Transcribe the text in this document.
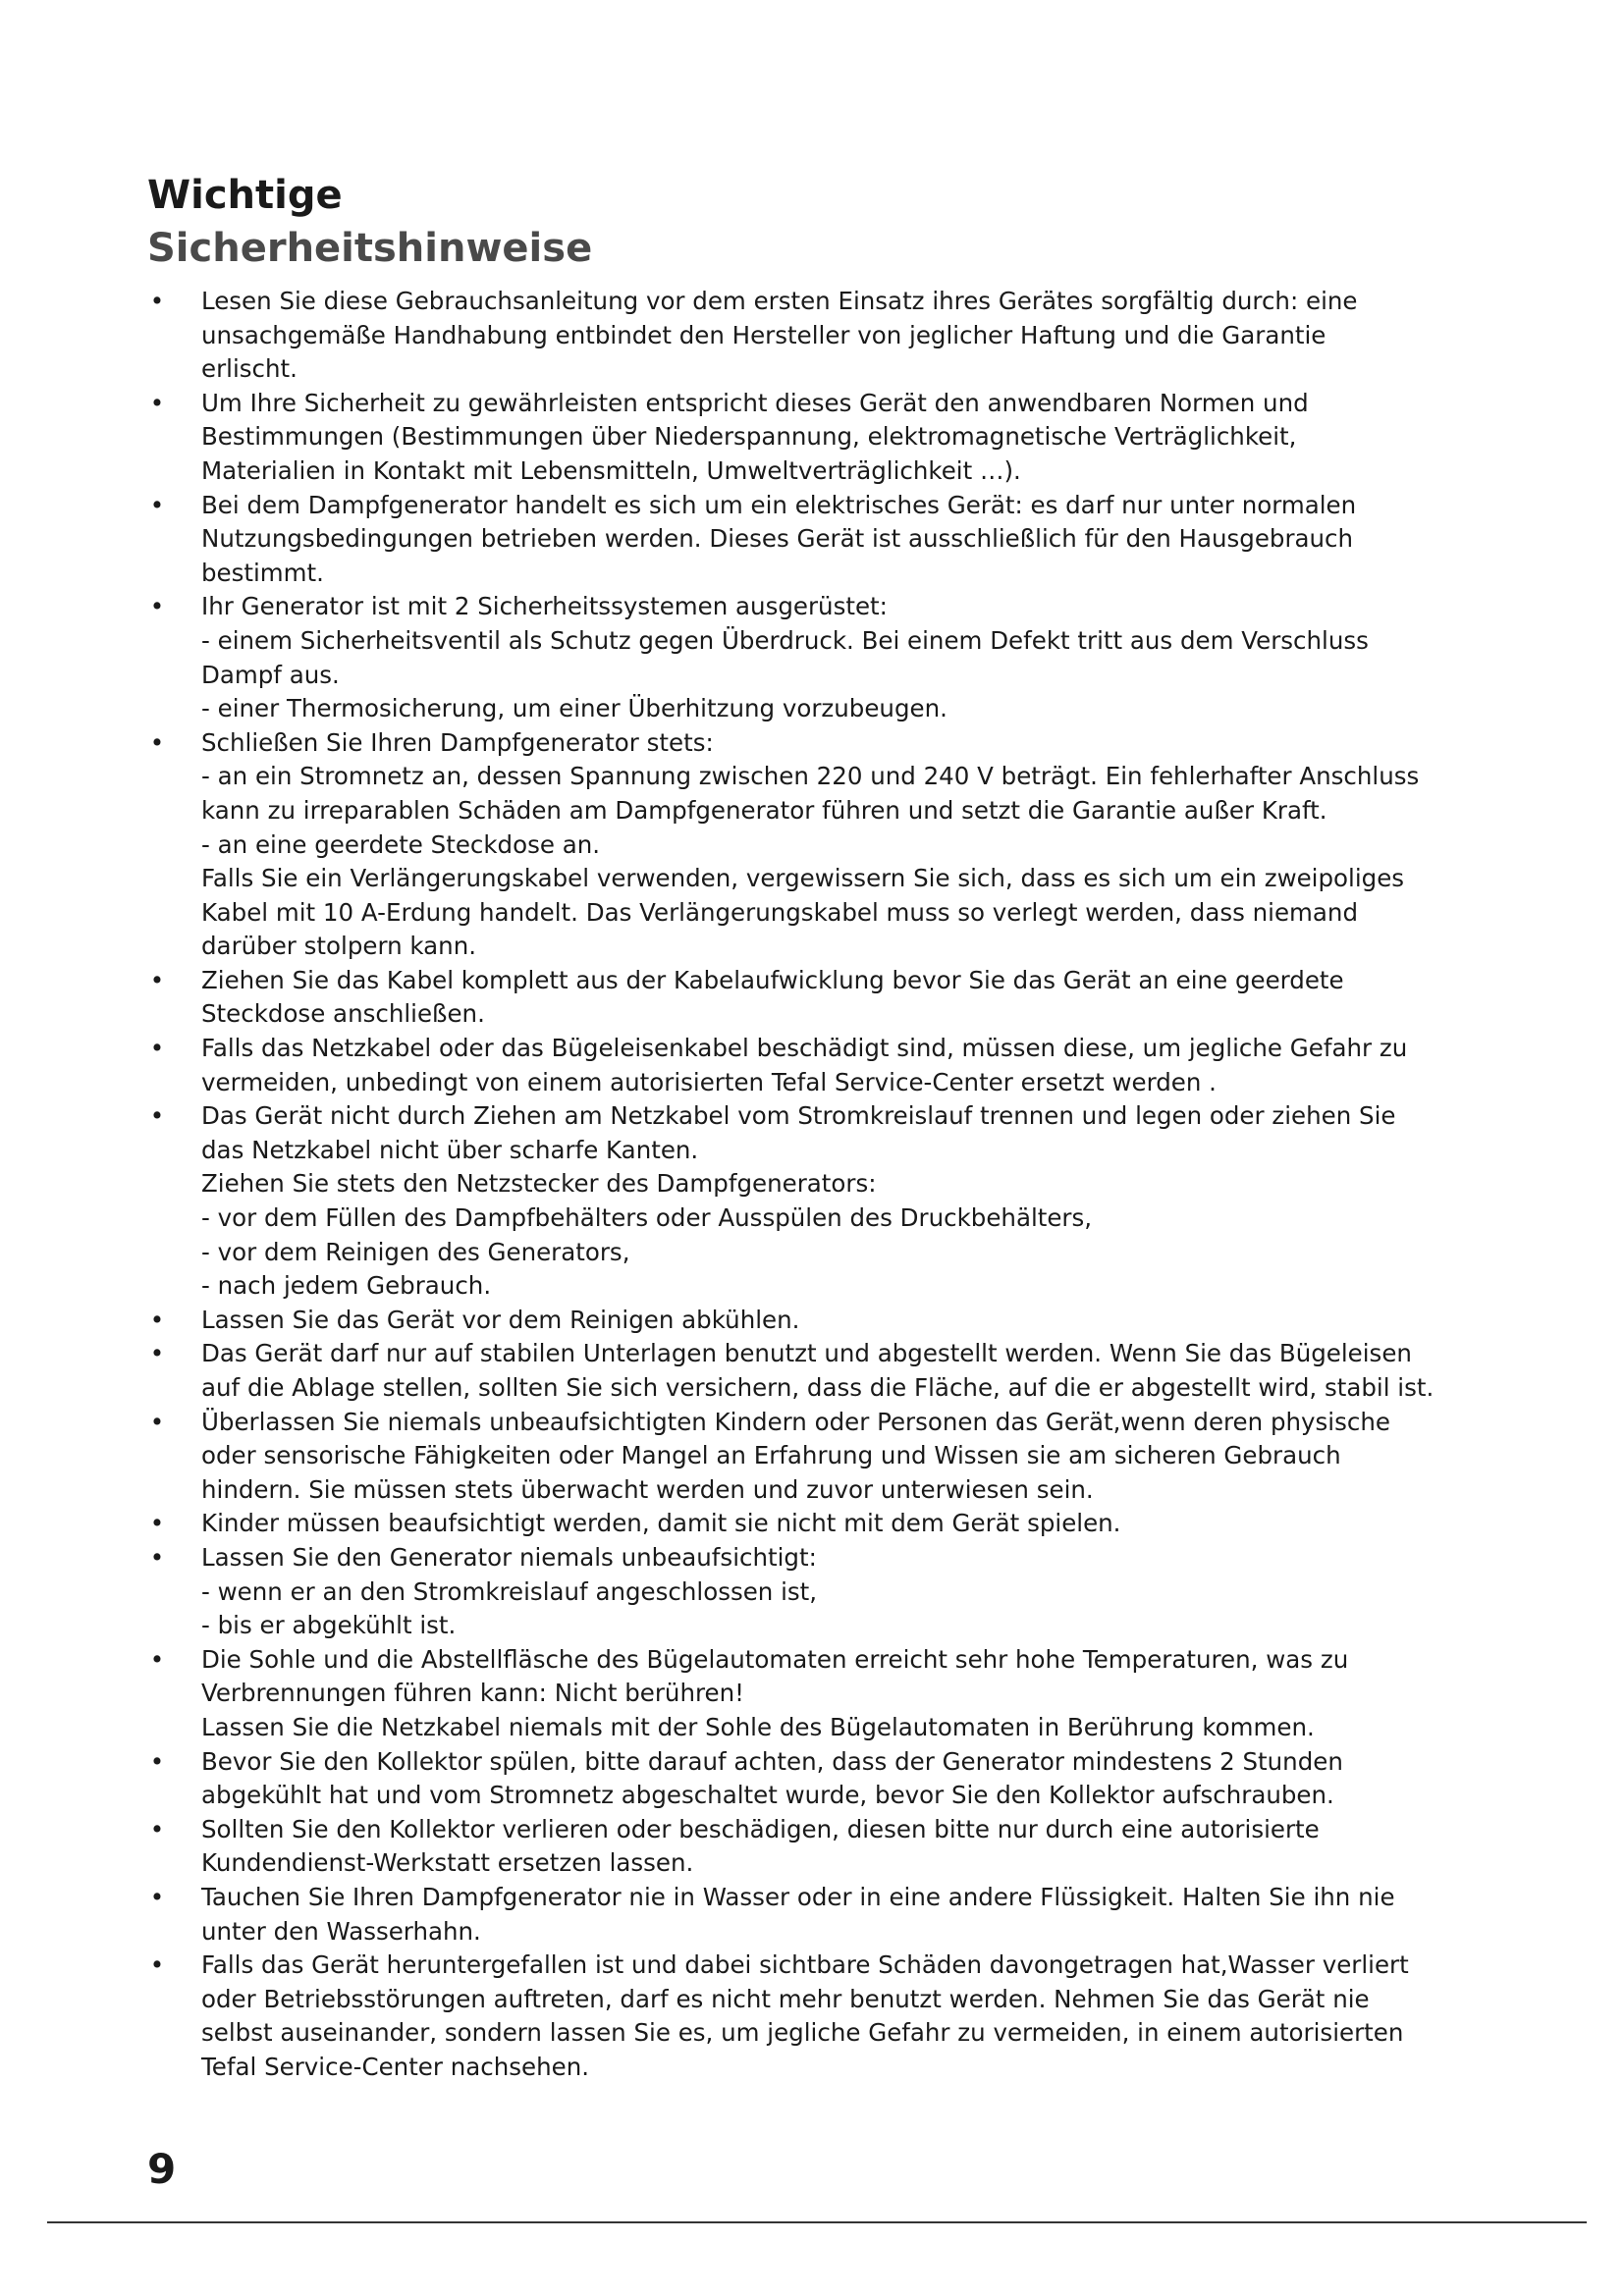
Wichtige
Sicherheitshinweise
• Lesen Sie diese Gebrauchsanleitung vor dem ersten Einsatz ihres Gerätes sorgfältig durch: eine

unsachgemäße Handhabung entbindet den Hersteller von jeglicher Haftung und die Garantie

erlischt.

• Um Ihre Sicherheit zu gewährleisten entspricht dieses Gerät den anwendbaren Normen und

Bestimmungen (Bestimmungen über Niederspannung, elektromagnetische Verträglichkeit,

Materialien in Kontakt mit Lebensmitteln, Umweltverträglichkeit …).

• Bei dem Dampfgenerator handelt es sich um ein elektrisches Gerät: es darf nur unter normalen

Nutzungsbedingungen betrieben werden. Dieses Gerät ist ausschließlich für den Hausgebrauch

bestimmt.

• Ihr Generator ist mit 2 Sicherheitssystemen ausgerüstet:

- einem Sicherheitsventil als Schutz gegen Überdruck. Bei einem Defekt tritt aus dem Verschluss

Dampf aus.

- einer Thermosicherung, um einer Überhitzung vorzubeugen.

• Schließen Sie Ihren Dampfgenerator stets:

- an ein Stromnetz an, dessen Spannung zwischen 220 und 240 V beträgt. Ein fehlerhafter Anschluss

kann zu irreparablen Schäden am Dampfgenerator führen und setzt die Garantie außer Kraft.

- an eine geerdete Steckdose an.

Falls Sie ein Verlängerungskabel verwenden, vergewissern Sie sich, dass es sich um ein zweipoliges

Kabel mit 10 A-Erdung handelt. Das Verlängerungskabel muss so verlegt werden, dass niemand

darüber stolpern kann.

• Ziehen Sie das Kabel komplett aus der Kabelaufwicklung bevor Sie das Gerät an eine geerdete

Steckdose anschließen.

• Falls das Netzkabel oder das Bügeleisenkabel beschädigt sind, müssen diese, um jegliche Gefahr zu

vermeiden, unbedingt von einem autorisierten Tefal Service-Center ersetzt werden .

• Das Gerät nicht durch Ziehen am Netzkabel vom Stromkreislauf trennen und legen oder ziehen Sie

das Netzkabel nicht über scharfe Kanten.

Ziehen Sie stets den Netzstecker des Dampfgenerators:

- vor dem Füllen des Dampfbehälters oder Ausspülen des Druckbehälters,

- vor dem Reinigen des Generators,

- nach jedem Gebrauch.

• Lassen Sie das Gerät vor dem Reinigen abkühlen.

• Das Gerät darf nur auf stabilen Unterlagen benutzt und abgestellt werden. Wenn Sie das Bügeleisen

auf die Ablage stellen, sollten Sie sich versichern, dass die Fläche, auf die er abgestellt wird, stabil ist.

• Überlassen Sie niemals unbeaufsichtigten Kindern oder Personen das Gerät,wenn deren physische

oder sensorische Fähigkeiten oder Mangel an Erfahrung und Wissen sie am sicheren Gebrauch

hindern. Sie müssen stets überwacht werden und zuvor unterwiesen sein.

• Kinder müssen beaufsichtigt werden, damit sie nicht mit dem Gerät spielen.

• Lassen Sie den Generator niemals unbeaufsichtigt:

- wenn er an den Stromkreislauf angeschlossen ist,

- bis er abgekühlt ist.

• Die Sohle und die Abstellfläsche des Bügelautomaten erreicht sehr hohe Temperaturen, was zu

Verbrennungen führen kann: Nicht berühren!

Lassen Sie die Netzkabel niemals mit der Sohle des Bügelautomaten in Berührung kommen.

• Bevor Sie den Kollektor spülen, bitte darauf achten, dass der Generator mindestens 2 Stunden

abgekühlt hat und vom Stromnetz abgeschaltet wurde, bevor Sie den Kollektor aufschrauben.

• Sollten Sie den Kollektor verlieren oder beschädigen, diesen bitte nur durch eine autorisierte

Kundendienst-Werkstatt ersetzen lassen.

• Tauchen Sie Ihren Dampfgenerator nie in Wasser oder in eine andere Flüssigkeit. Halten Sie ihn nie

unter den Wasserhahn.

• Falls das Gerät heruntergefallen ist und dabei sichtbare Schäden davongetragen hat,Wasser verliert

oder Betriebsstörungen auftreten, darf es nicht mehr benutzt werden. Nehmen Sie das Gerät nie

selbst auseinander, sondern lassen Sie es, um jegliche Gefahr zu vermeiden, in einem autorisierten

Tefal Service-Center nachsehen.

9
